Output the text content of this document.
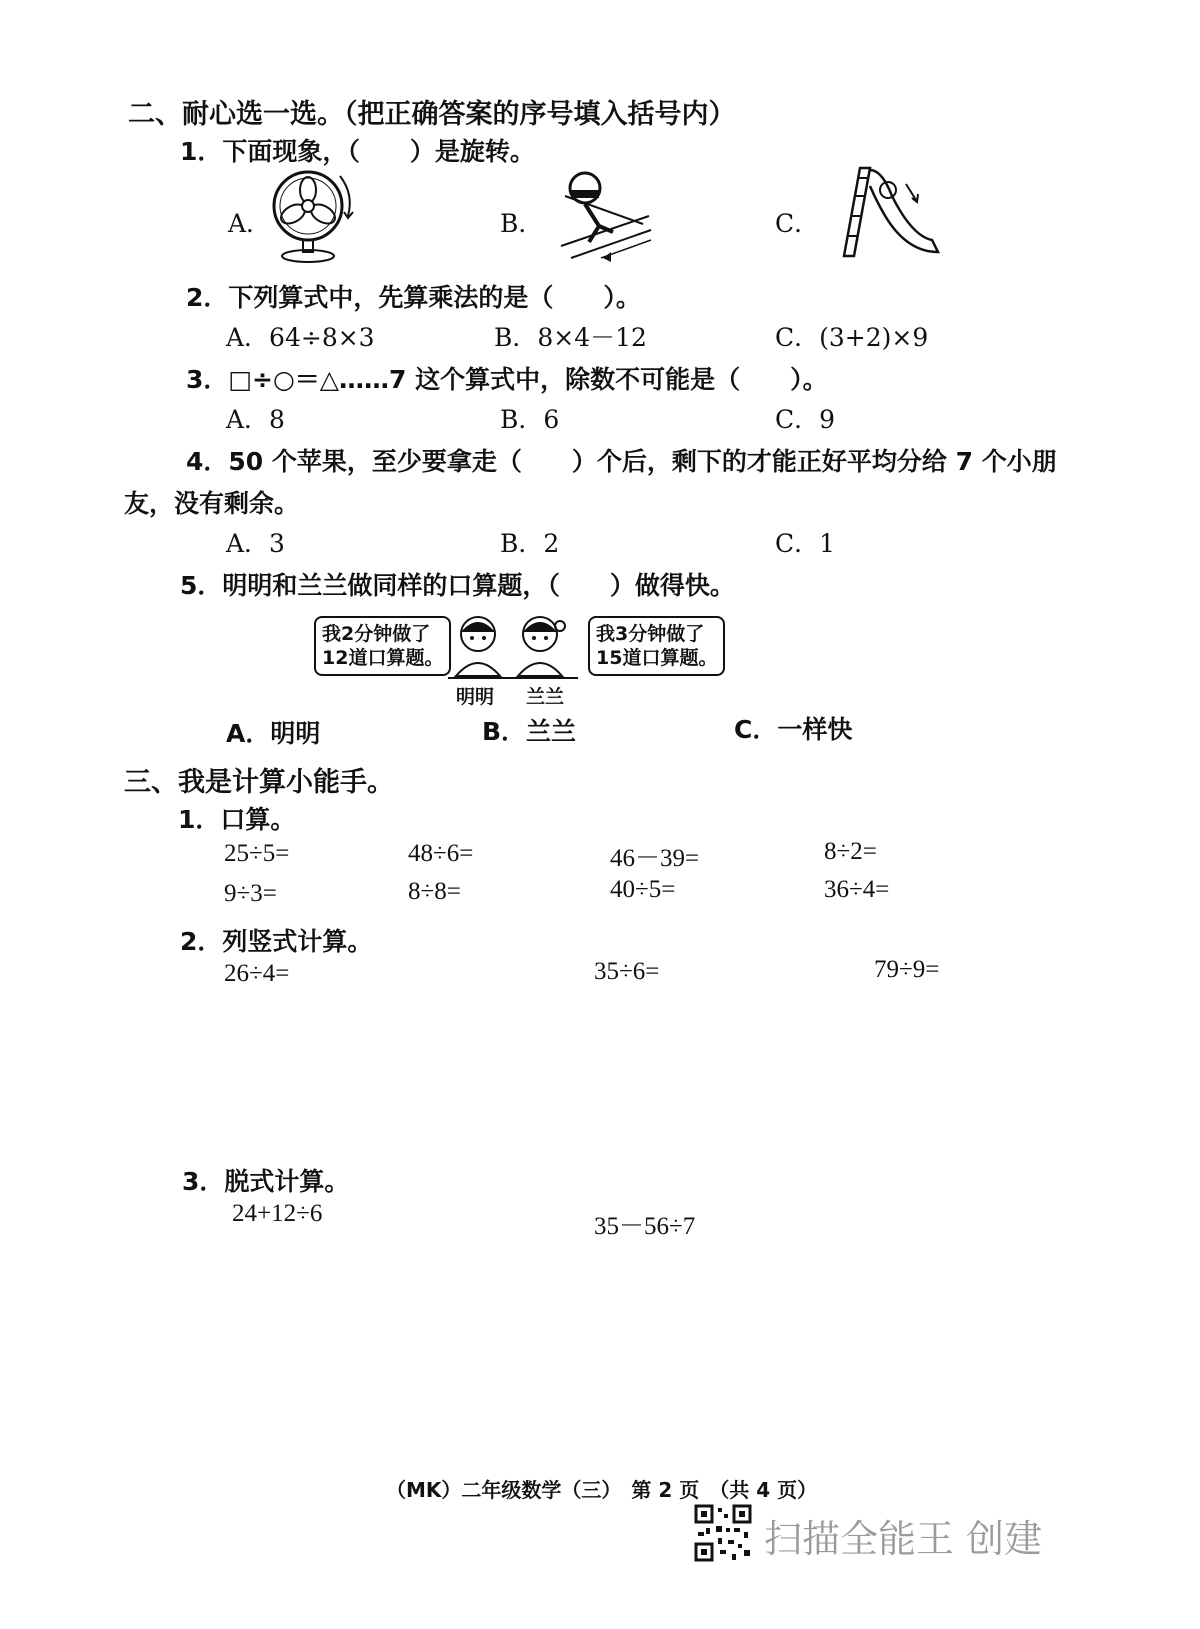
二、耐心选一选。（把正确答案的序号填入括号内）
1．下面现象，（　　）是旋转。
A．	B．	C．
2．下列算式中，先算乘法的是（　　）。
A．64÷8×3	B．8×4－12	C．(3+2)×9
3．□÷○＝△……7 这个算式中，除数不可能是（　　）。
A．8	B．6	C．9
4．50 个苹果，至少要拿走（　　）个后，剩下的才能正好平均分给 7 个小朋
友，没有剩余。
A．3	B．2	C．1
5．明明和兰兰做同样的口算题，（　　）做得快。
我2分钟做了
12道口算题。
我3分钟做了
15道口算题。
明明 兰兰
A．明明	B．兰兰	C．一样快
三、我是计算小能手。
1．口算。
25÷5=	48÷6=	46－39=	8÷2=
9÷3=	8÷8=	40÷5=	36÷4=
2．列竖式计算。
26÷4=	35÷6=	79÷9=
3．脱式计算。
24+12÷6	35－56÷7
（MK）二年级数学（三）　第 2 页　（共 4 页）
扫描全能王 创建
